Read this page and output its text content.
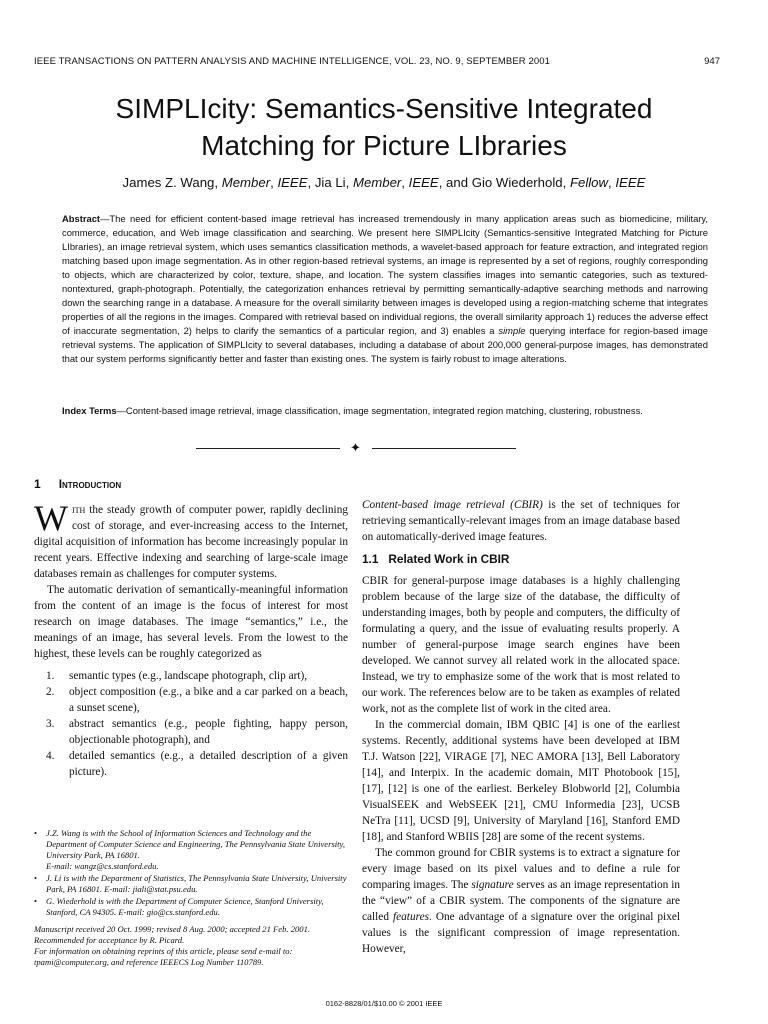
IEEE TRANSACTIONS ON PATTERN ANALYSIS AND MACHINE INTELLIGENCE, VOL. 23, NO. 9, SEPTEMBER 2001	947
SIMPLIcity: Semantics-Sensitive Integrated
Matching for Picture LIbraries
James Z. Wang, Member, IEEE, Jia Li, Member, IEEE, and Gio Wiederhold, Fellow, IEEE

Abstract—The need for efficient content-based image retrieval has increased tremendously in many application areas such as biomedicine, military, commerce, education, and Web image classification and searching. We present here SIMPLIcity (Semantics-sensitive Integrated Matching for Picture LIbraries), an image retrieval system, which uses semantics classification methods, a wavelet-based approach for feature extraction, and integrated region matching based upon image segmentation. As in other region-based retrieval systems, an image is represented by a set of regions, roughly corresponding to objects, which are characterized by color, texture, shape, and location. The system classifies images into semantic categories, such as textured-nontextured, graph-photograph. Potentially, the categorization enhances retrieval by permitting semantically-adaptive searching methods and narrowing down the searching range in a database. A measure for the overall similarity between images is developed using a region-matching scheme that integrates properties of all the regions in the images. Compared with retrieval based on individual regions, the overall similarity approach 1) reduces the adverse effect of inaccurate segmentation, 2) helps to clarify the semantics of a particular region, and 3) enables a simple querying interface for region-based image retrieval systems. The application of SIMPLIcity to several databases, including a database of about 200,000 general-purpose images, has demonstrated that our system performs significantly better and faster than existing ones. The system is fairly robust to image alterations.

Index Terms—Content-based image retrieval, image classification, image segmentation, integrated region matching, clustering, robustness.

✦
1 Introduction

With the steady growth of computer power, rapidly declining cost of storage, and ever-increasing access to the Internet, digital acquisition of information has become increasingly popular in recent years. Effective indexing and searching of large-scale image databases remain as challenges for computer systems.

The automatic derivation of semantically-meaningful information from the content of an image is the focus of interest for most research on image databases. The image “semantics,” i.e., the meanings of an image, has several levels. From the lowest to the highest, these levels can be roughly categorized as

1. semantic types (e.g., landscape photograph, clip art),
2. object composition (e.g., a bike and a car parked on a beach, a sunset scene),
3. abstract semantics (e.g., people fighting, happy person, objectionable photograph), and
4. detailed semantics (e.g., a detailed description of a given picture).
• J.Z. Wang is with the School of Information Sciences and Technology and the Department of Computer Science and Engineering, The Pennsylvania State University, University Park, PA 16801.
E-mail: wangz@cs.stanford.edu.
• J. Li is with the Department of Statistics, The Pennsylvania State University, University Park, PA 16801. E-mail: jiali@stat.psu.edu.
• G. Wiederhold is with the Department of Computer Science, Stanford University, Stanford, CA 94305. E-mail: gio@cs.stanford.edu.

Manuscript received 20 Oct. 1999; revised 8 Aug. 2000; accepted 21 Feb. 2001.

Recommended for acceptance by R. Picard.

For information on obtaining reprints of this article, please send e-mail to: tpami@computer.org, and reference IEEECS Log Number 110789.

Content-based image retrieval (CBIR) is the set of techniques for retrieving semantically-relevant images from an image database based on automatically-derived image features.

1.1 Related Work in CBIR

CBIR for general-purpose image databases is a highly challenging problem because of the large size of the database, the difficulty of understanding images, both by people and computers, the difficulty of formulating a query, and the issue of evaluating results properly. A number of general-purpose image search engines have been developed. We cannot survey all related work in the allocated space. Instead, we try to emphasize some of the work that is most related to our work. The references below are to be taken as examples of related work, not as the complete list of work in the cited area.

In the commercial domain, IBM QBIC [4] is one of the earliest systems. Recently, additional systems have been developed at IBM T.J. Watson [22], VIRAGE [7], NEC AMORA [13], Bell Laboratory [14], and Interpix. In the academic domain, MIT Photobook [15], [17], [12] is one of the earliest. Berkeley Blobworld [2], Columbia VisualSEEK and WebSEEK [21], CMU Informedia [23], UCSB NeTra [11], UCSD [9], University of Maryland [16], Stanford EMD [18], and Stanford WBIIS [28] are some of the recent systems.

The common ground for CBIR systems is to extract a signature for every image based on its pixel values and to define a rule for comparing images. The signature serves as an image representation in the “view” of a CBIR system. The components of the signature are called features. One advantage of a signature over the original pixel values is the significant compression of image representation. However,

0162-8828/01/$10.00 © 2001 IEEE
